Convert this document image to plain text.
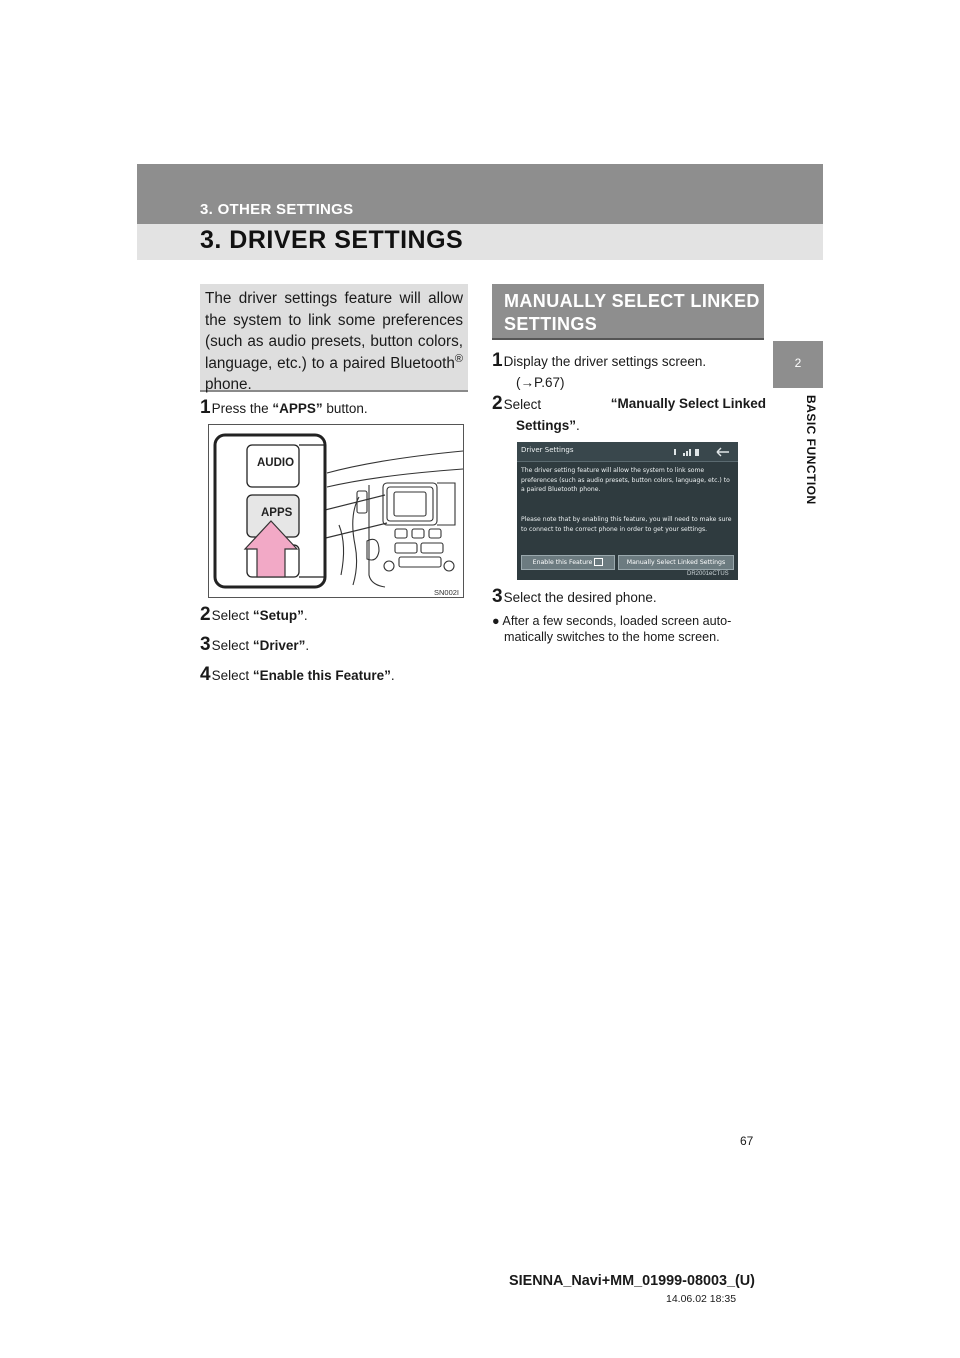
3. OTHER SETTINGS
3. DRIVER SETTINGS
2
BASIC FUNCTION
The driver settings feature will allow the system to link some preferences (such as audio presets, button colors, language, etc.) to a paired Bluetooth® phone.
1Press the “APPS” button.
AUDIO
APPS
SN002I
2Select “Setup”.
3Select “Driver”.
4Select “Enable this Feature”.
MANUALLY SELECT LINKED
SETTINGS
1Display the driver settings screen.
(→P.67)
2Select	“Manually Select Linked
Settings”.
Driver Settings
The driver setting feature will allow the system to link some preferences (such as audio presets, button colors, language, etc.) to a paired Bluetooth phone.
Please note that by enabling this feature, you will need to make sure to connect to the correct phone in order to get your settings.
Enable this Feature	Manually Select Linked Settings
DR2001eCTUS
3Select the desired phone.
● After a few seconds, loaded screen auto-
matically switches to the home screen.
67
SIENNA_Navi+MM_01999-08003_(U)
14.06.02 18:35
